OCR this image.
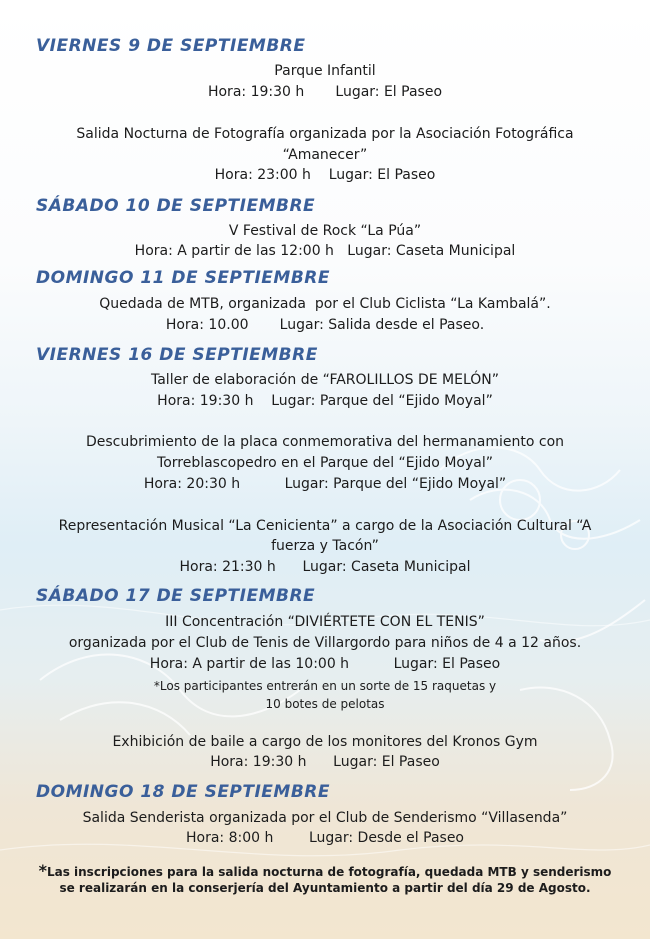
VIERNES 9 DE SEPTIEMBRE

Parque Infantil

Hora: 19:30 h Lugar: El Paseo

Salida Nocturna de Fotografía organizada por la Asociación Fotográfica

“Amanecer”

Hora: 23:00 h Lugar: El Paseo

SÁBADO 10 DE SEPTIEMBRE

V Festival de Rock “La Púa”

Hora: A partir de las 12:00 h Lugar: Caseta Municipal

DOMINGO 11 DE SEPTIEMBRE

Quedada de MTB, organizada  por el Club Ciclista “La Kambalá”.

Hora: 10.00 Lugar: Salida desde el Paseo.

VIERNES 16 DE SEPTIEMBRE

Taller de elaboración de “FAROLILLOS DE MELÓN”

Hora: 19:30 h Lugar: Parque del “Ejido Moyal”

Descubrimiento de la placa conmemorativa del hermanamiento con

Torreblascopedro en el Parque del “Ejido Moyal”

Hora: 20:30 h	Lugar: Parque del “Ejido Moyal”

Representación Musical “La Cenicienta” a cargo de la Asociación Cultural “A

fuerza y Tacón”

Hora: 21:30 h Lugar: Caseta Municipal

SÁBADO 17 DE SEPTIEMBRE

III Concentración “DIVIÉRTETE CON EL TENIS”

organizada por el Club de Tenis de Villargordo para niños de 4 a 12 años.

Hora: A partir de las 10:00 h	Lugar: El Paseo

*Los participantes entrerán en un sorte de 15 raquetas y

10 botes de pelotas

Exhibición de baile a cargo de los monitores del Kronos Gym

Hora: 19:30 h Lugar: El Paseo

DOMINGO 18 DE SEPTIEMBRE

Salida Senderista organizada por el Club de Senderismo “Villasenda”

Hora: 8:00 h	Lugar: Desde el Paseo

*Las inscripciones para la salida nocturna de fotografía, quedada MTB y senderismo

se realizarán en la conserjería del Ayuntamiento a partir del día 29 de Agosto.
